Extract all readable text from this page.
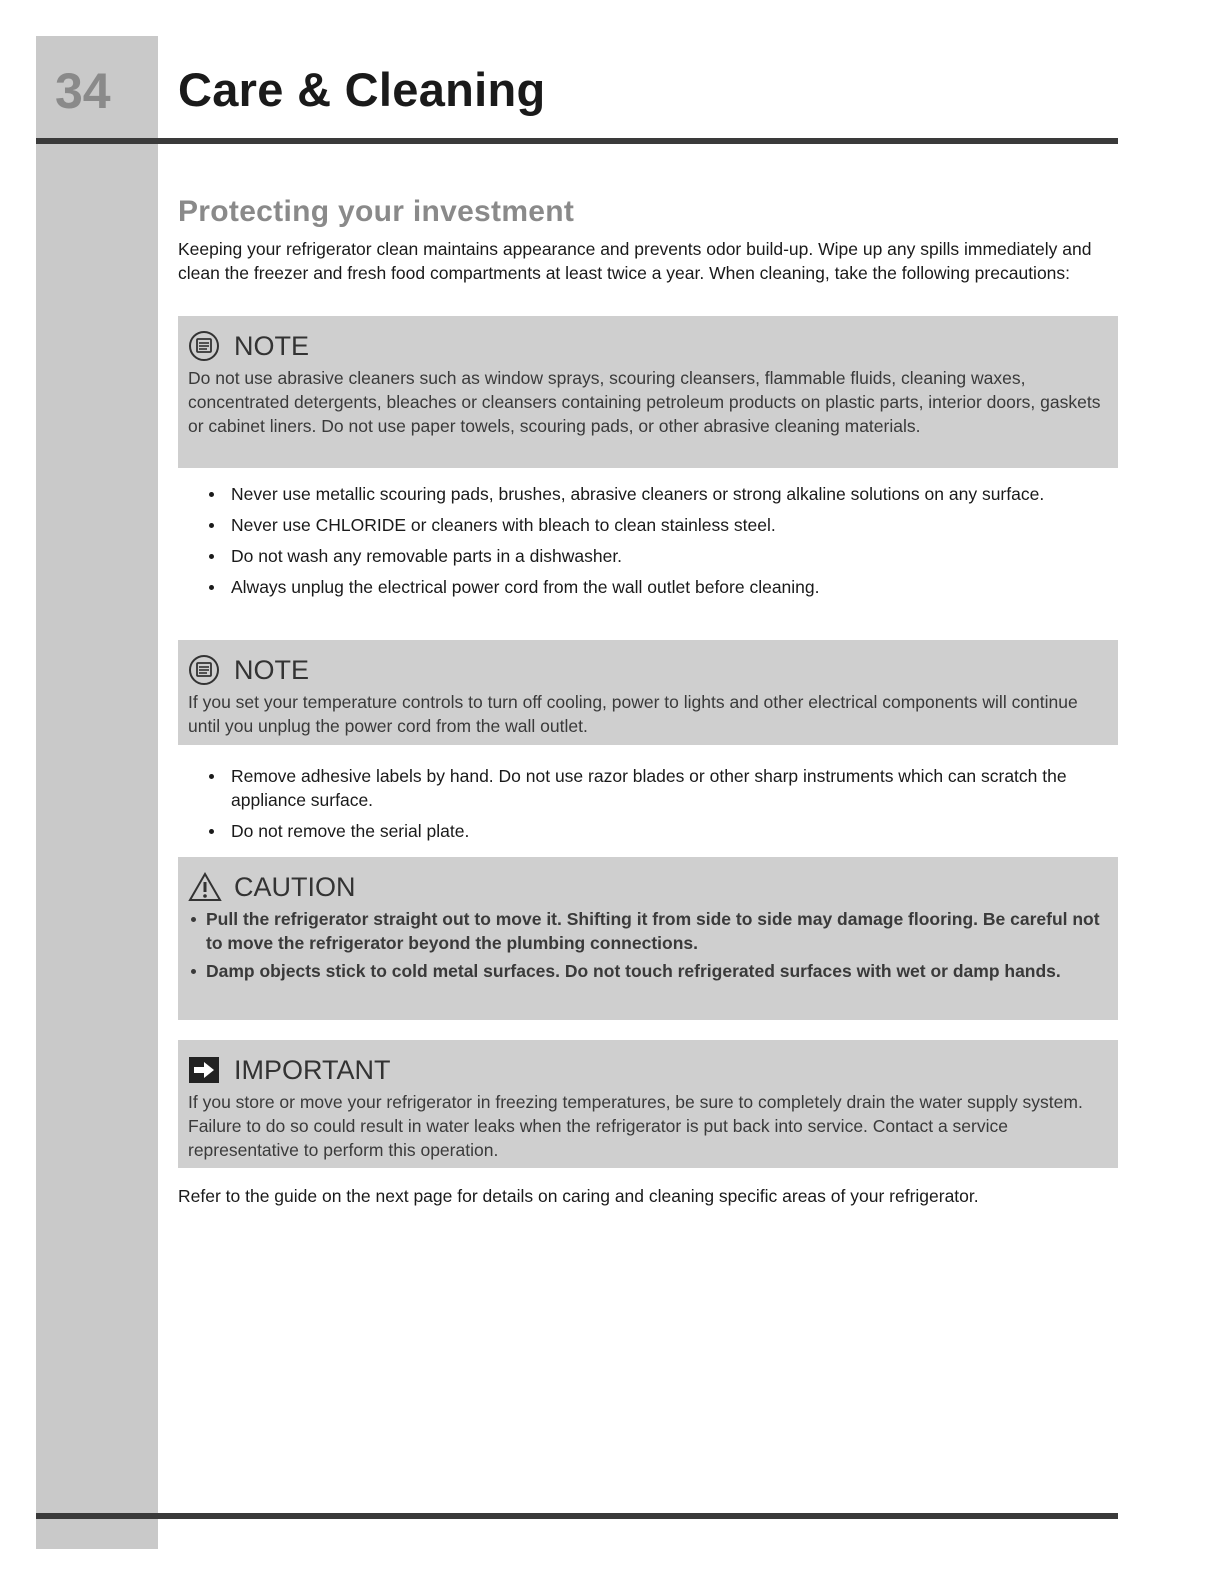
34 Care & Cleaning
Protecting your investment
Keeping your refrigerator clean maintains appearance and prevents odor build-up. Wipe up any spills immediately and clean the freezer and fresh food compartments at least twice a year. When cleaning, take the following precautions:
NOTE
Do not use abrasive cleaners such as window sprays, scouring cleansers, flammable fluids, cleaning waxes, concentrated detergents, bleaches or cleansers containing petroleum products on plastic parts, interior doors, gaskets or cabinet liners. Do not use paper towels, scouring pads, or other abrasive cleaning materials.
Never use metallic scouring pads, brushes, abrasive cleaners or strong alkaline solutions on any surface.
Never use CHLORIDE or cleaners with bleach to clean stainless steel.
Do not wash any removable parts in a dishwasher.
Always unplug the electrical power cord from the wall outlet before cleaning.
NOTE
If you set your temperature controls to turn off cooling, power to lights and other electrical components will continue until you unplug the power cord from the wall outlet.
Remove adhesive labels by hand. Do not use razor blades or other sharp instruments which can scratch the appliance surface.
Do not remove the serial plate.
CAUTION
Pull the refrigerator straight out to move it. Shifting it from side to side may damage flooring. Be careful not to move the refrigerator beyond the plumbing connections.
Damp objects stick to cold metal surfaces. Do not touch refrigerated surfaces with wet or damp hands.
IMPORTANT
If you store or move your refrigerator in freezing temperatures, be sure to completely drain the water supply system. Failure to do so could result in water leaks when the refrigerator is put back into service. Contact a service representative to perform this operation.
Refer to the guide on the next page for details on caring and cleaning specific areas of your refrigerator.
